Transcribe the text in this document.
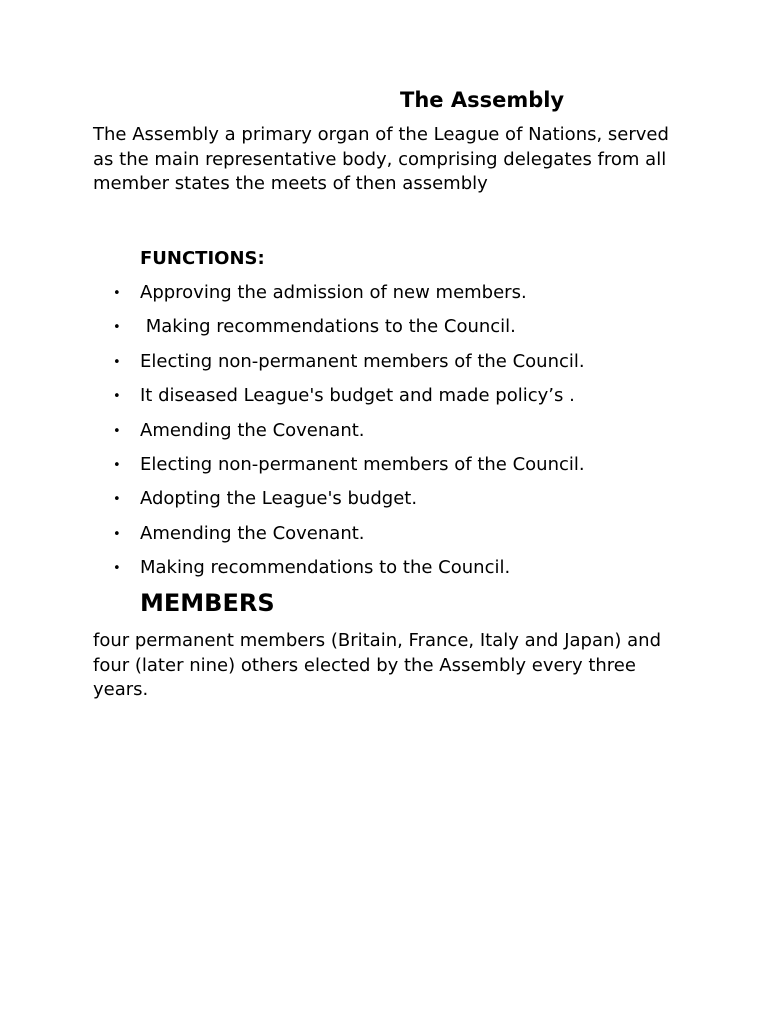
The Assembly
The Assembly a primary organ of the League of Nations, served as the main representative body, comprising delegates from all member states the meets of then assembly
FUNCTIONS:
• Approving the admission of new members.
• Making recommendations to the Council.
• Electing non-permanent members of the Council.
• It diseased League's budget and made policy’s .
• Amending the Covenant.
• Electing non-permanent members of the Council.
• Adopting the League's budget.
• Amending the Covenant.
• Making recommendations to the Council.
MEMBERS
four permanent members (Britain, France, Italy and Japan) and four (later nine) others elected by the Assembly every three years.
